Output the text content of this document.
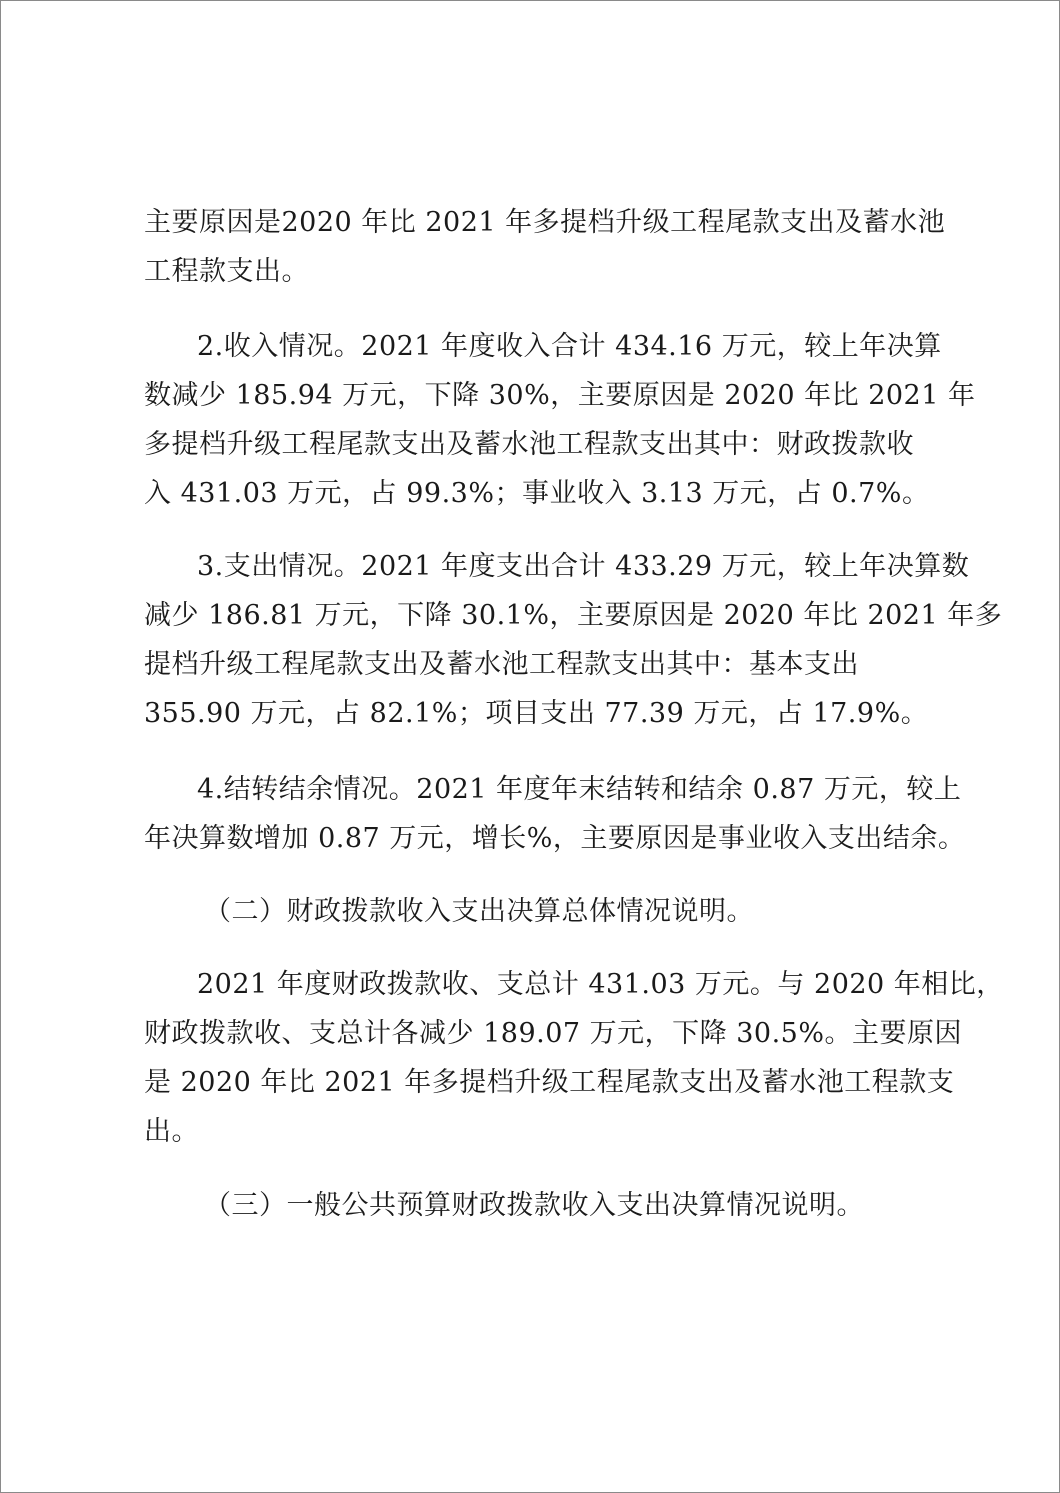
主要原因是2020 年比 2021 年多提档升级工程尾款支出及蓄水池

工程款支出。

2.收入情况。2021 年度收入合计 434.16 万元，较上年决算

数减少 185.94 万元，下降 30%，主要原因是 2020 年比 2021 年

多提档升级工程尾款支出及蓄水池工程款支出其中：财政拨款收

入 431.03 万元，占 99.3%；事业收入 3.13 万元，占 0.7%。

3.支出情况。2021 年度支出合计 433.29 万元，较上年决算数

减少 186.81 万元，下降 30.1%，主要原因是 2020 年比 2021 年多

提档升级工程尾款支出及蓄水池工程款支出其中：基本支出

355.90 万元，占 82.1%；项目支出 77.39 万元，占 17.9%。

4.结转结余情况。2021 年度年末结转和结余 0.87 万元，较上

年决算数增加 0.87 万元，增长%，主要原因是事业收入支出结余。

（二）财政拨款收入支出决算总体情况说明。

2021 年度财政拨款收、支总计 431.03 万元。与 2020 年相比，

财政拨款收、支总计各减少 189.07 万元，下降 30.5%。主要原因

是 2020 年比 2021 年多提档升级工程尾款支出及蓄水池工程款支

出。

（三）一般公共预算财政拨款收入支出决算情况说明。
